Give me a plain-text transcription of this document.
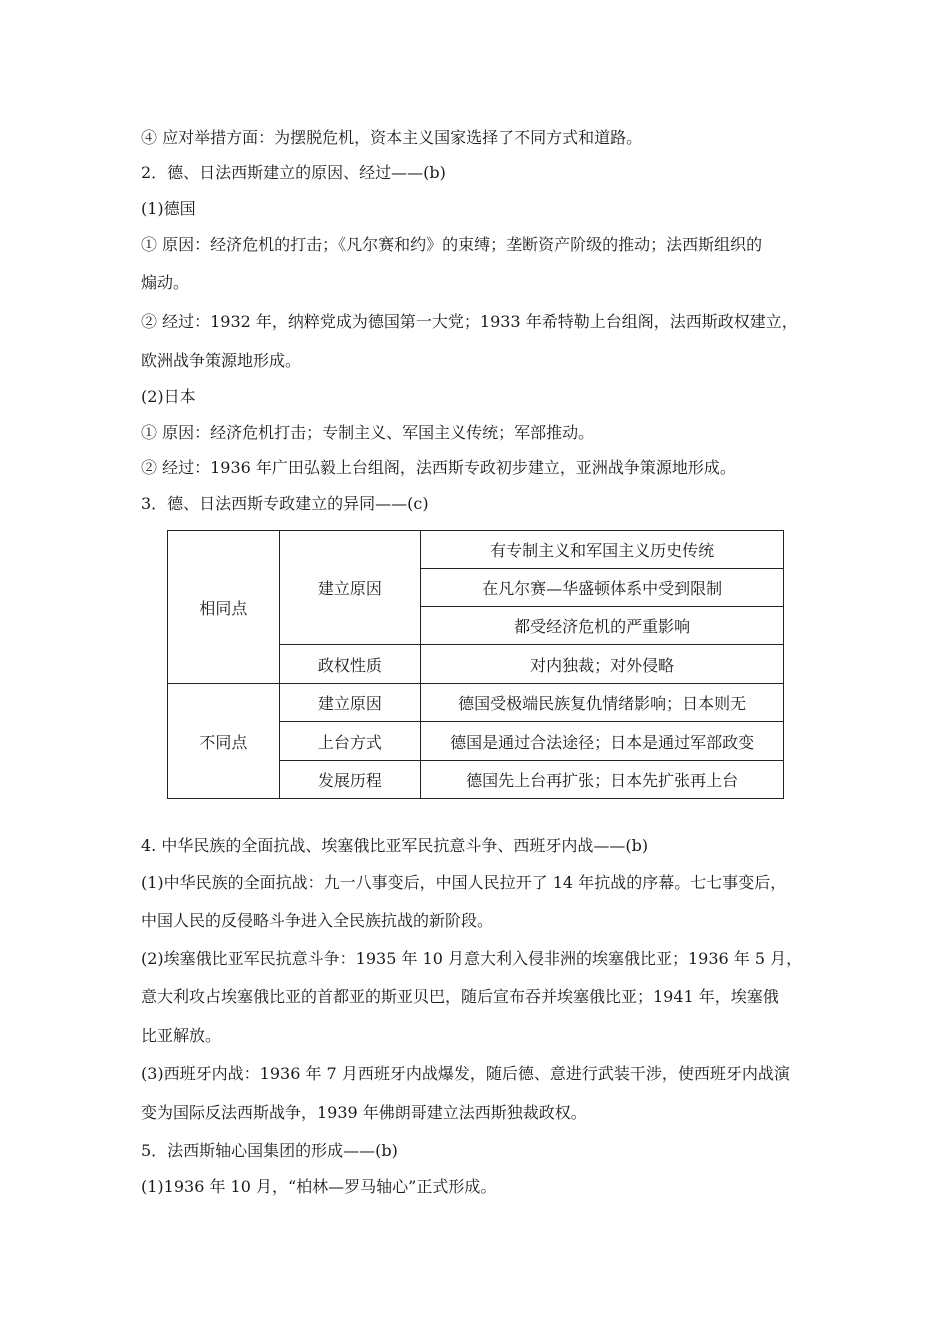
④ 应对举措方面：为摆脱危机，资本主义国家选择了不同方式和道路。
2．德、日法西斯建立的原因、经过——(b)
(1)德国
① 原因：经济危机的打击；《凡尔赛和约》的束缚；垄断资产阶级的推动；法西斯组织的
煽动。
② 经过：1932 年，纳粹党成为德国第一大党；1933 年希特勒上台组阁，法西斯政权建立，
欧洲战争策源地形成。
(2)日本
① 原因：经济危机打击；专制主义、军国主义传统；军部推动。
② 经过：1936 年广田弘毅上台组阁，法西斯专政初步建立，亚洲战争策源地形成。
3．德、日法西斯专政建立的异同——(c)
相同点	建立原因	有专制主义和军国主义历史传统
		在凡尔赛—华盛顿体系中受到限制
		都受经济危机的严重影响
	政权性质	对内独裁；对外侵略
不同点	建立原因	德国受极端民族复仇情绪影响；日本则无
	上台方式	德国是通过合法途径；日本是通过军部政变
	发展历程	德国先上台再扩张；日本先扩张再上台
4. 中华民族的全面抗战、埃塞俄比亚军民抗意斗争、西班牙内战——(b)
(1)中华民族的全面抗战：九一八事变后，中国人民拉开了 14 年抗战的序幕。七七事变后，
中国人民的反侵略斗争进入全民族抗战的新阶段。
(2)埃塞俄比亚军民抗意斗争：1935 年 10 月意大利入侵非洲的埃塞俄比亚；1936 年 5 月，
意大利攻占埃塞俄比亚的首都亚的斯亚贝巴，随后宣布吞并埃塞俄比亚；1941 年，埃塞俄
比亚解放。
(3)西班牙内战：1936 年 7 月西班牙内战爆发，随后德、意进行武装干涉，使西班牙内战演
变为国际反法西斯战争，1939 年佛朗哥建立法西斯独裁政权。
5．法西斯轴心国集团的形成——(b)
(1)1936 年 10 月，“柏林—罗马轴心”正式形成。
